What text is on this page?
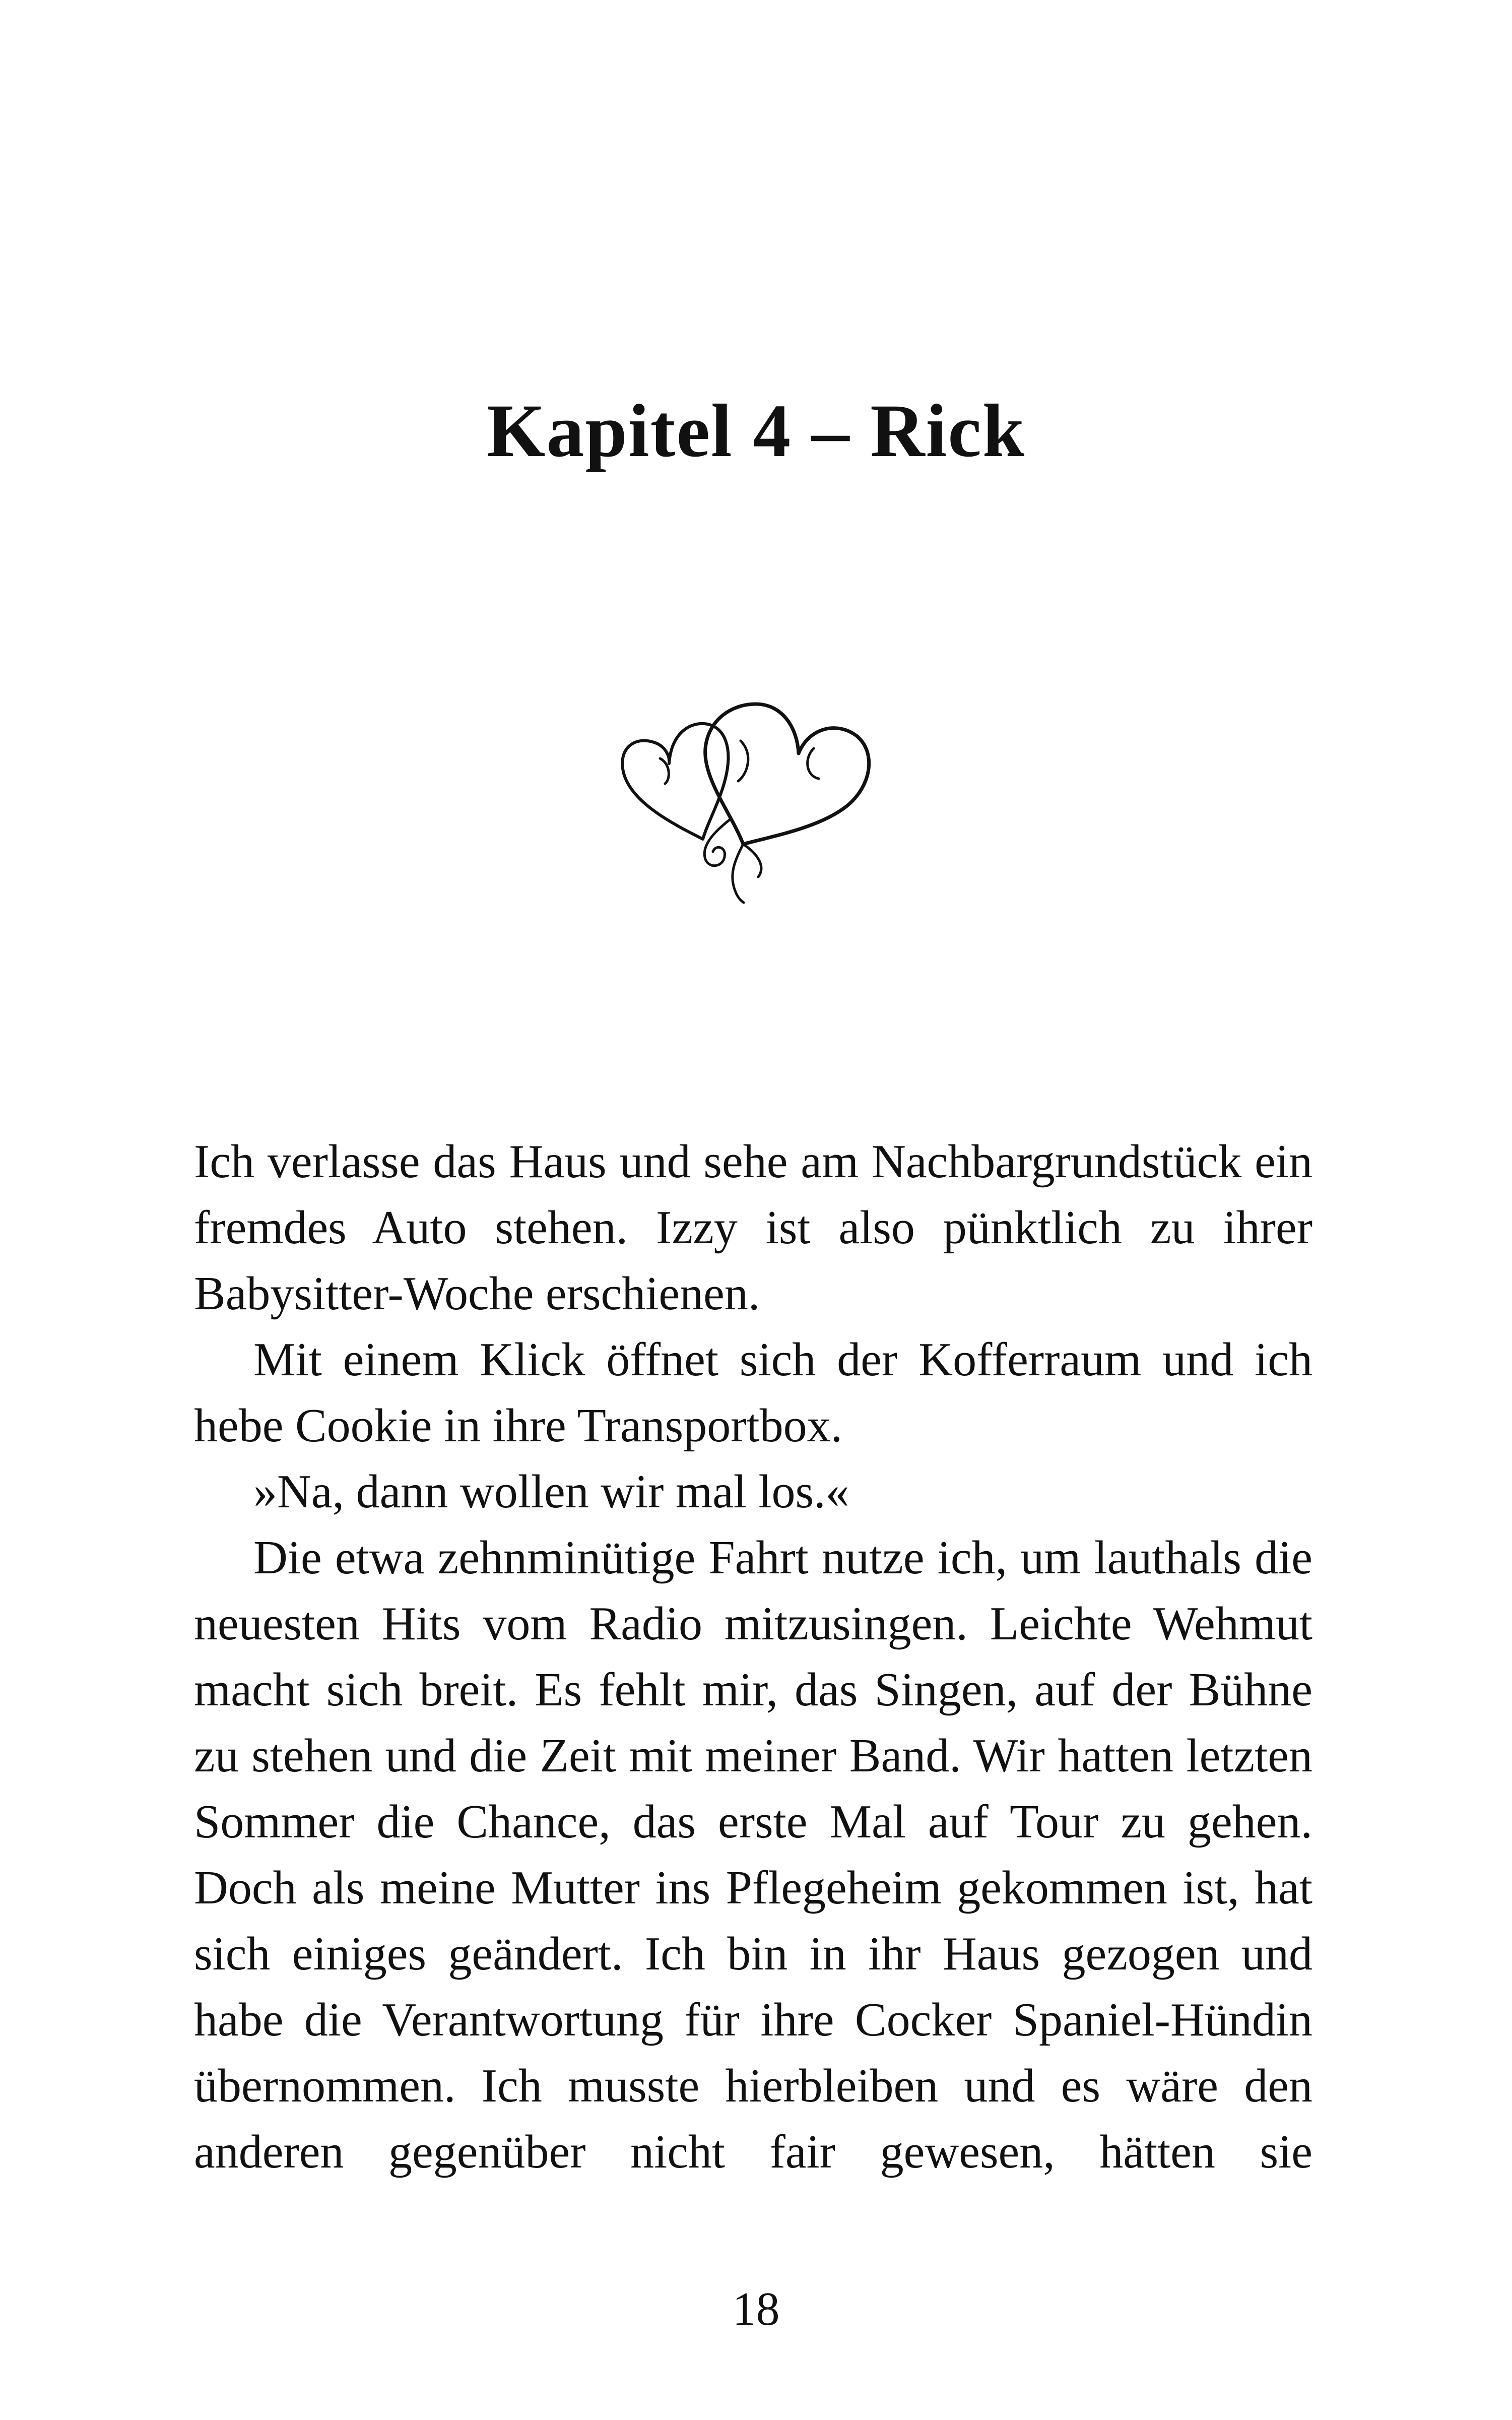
Kapitel 4 – Rick

Ich verlasse das Haus und sehe am Nachbargrundstück ein fremdes Auto stehen. Izzy ist also pünktlich zu ihrer Babysitter-Woche erschienen.

Mit einem Klick öffnet sich der Kofferraum und ich hebe Cookie in ihre Transportbox.

»Na, dann wollen wir mal los.«

Die etwa zehnminütige Fahrt nutze ich, um lauthals die neuesten Hits vom Radio mitzusingen. Leichte Wehmut macht sich breit. Es fehlt mir, das Singen, auf der Bühne zu stehen und die Zeit mit meiner Band. Wir hatten letzten Sommer die Chance, das erste Mal auf Tour zu gehen. Doch als meine Mutter ins Pflegeheim gekommen ist, hat sich einiges geändert. Ich bin in ihr Haus gezogen und habe die Verantwortung für ihre Cocker Spaniel-Hündin übernommen. Ich musste hierbleiben und es wäre den anderen gegenüber nicht fair gewesen, hätten sie

18
